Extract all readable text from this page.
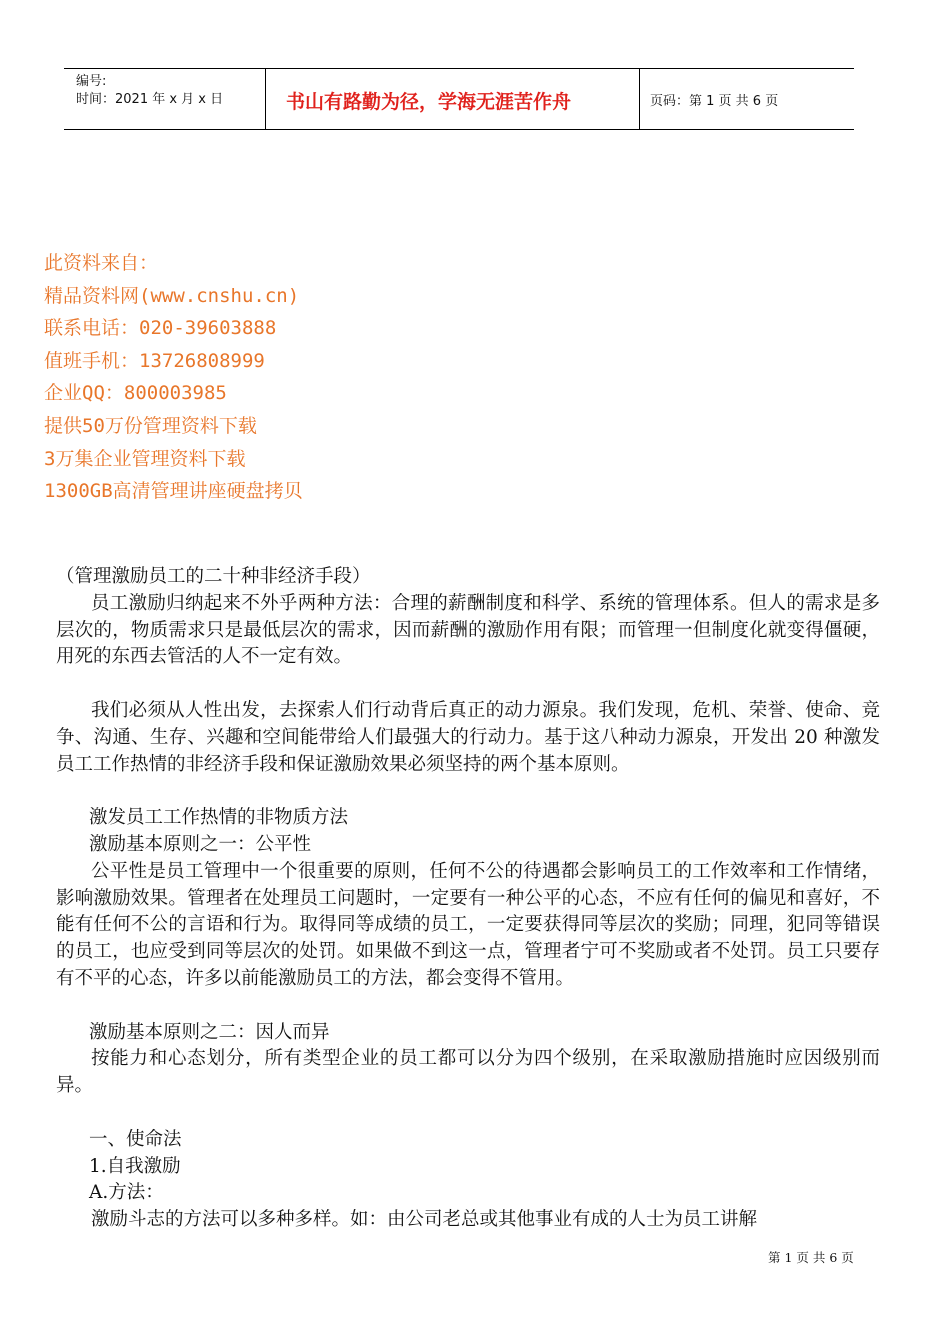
编号:
时间：2021 年 x 月 x 日	书山有路勤为径，学海无涯苦作舟	页码：第 1 页 共 6 页
此资料来自：
精品资料网(www.cnshu.cn)
联系电话：020-39603888
值班手机：13726808999
企业QQ：800003985
提供50万份管理资料下载
3万集企业管理资料下载
1300GB高清管理讲座硬盘拷贝

（管理激励员工的二十种非经济手段）

员工激励归纳起来不外乎两种方法：合理的薪酬制度和科学、系统的管理体系。但人的需求是多层次的，物质需求只是最低层次的需求，因而薪酬的激励作用有限；而管理一但制度化就变得僵硬，用死的东西去管活的人不一定有效。

我们必须从人性出发，去探索人们行动背后真正的动力源泉。我们发现，危机、荣誉、使命、竞争、沟通、生存、兴趣和空间能带给人们最强大的行动力。基于这八种动力源泉，开发出 20 种激发员工工作热情的非经济手段和保证激励效果必须坚持的两个基本原则。

激发员工工作热情的非物质方法

激励基本原则之一：公平性

公平性是员工管理中一个很重要的原则，任何不公的待遇都会影响员工的工作效率和工作情绪，影响激励效果。管理者在处理员工问题时，一定要有一种公平的心态，不应有任何的偏见和喜好，不能有任何不公的言语和行为。取得同等成绩的员工，一定要获得同等层次的奖励；同理，犯同等错误的员工，也应受到同等层次的处罚。如果做不到这一点，管理者宁可不奖励或者不处罚。员工只要存有不平的心态，许多以前能激励员工的方法，都会变得不管用。

激励基本原则之二：因人而异

按能力和心态划分，所有类型企业的员工都可以分为四个级别，在采取激励措施时应因级别而异。

一、使命法

1.自我激励

A.方法：

激励斗志的方法可以多种多样。如：由公司老总或其他事业有成的人士为员工讲解

第 1 页 共 6 页
